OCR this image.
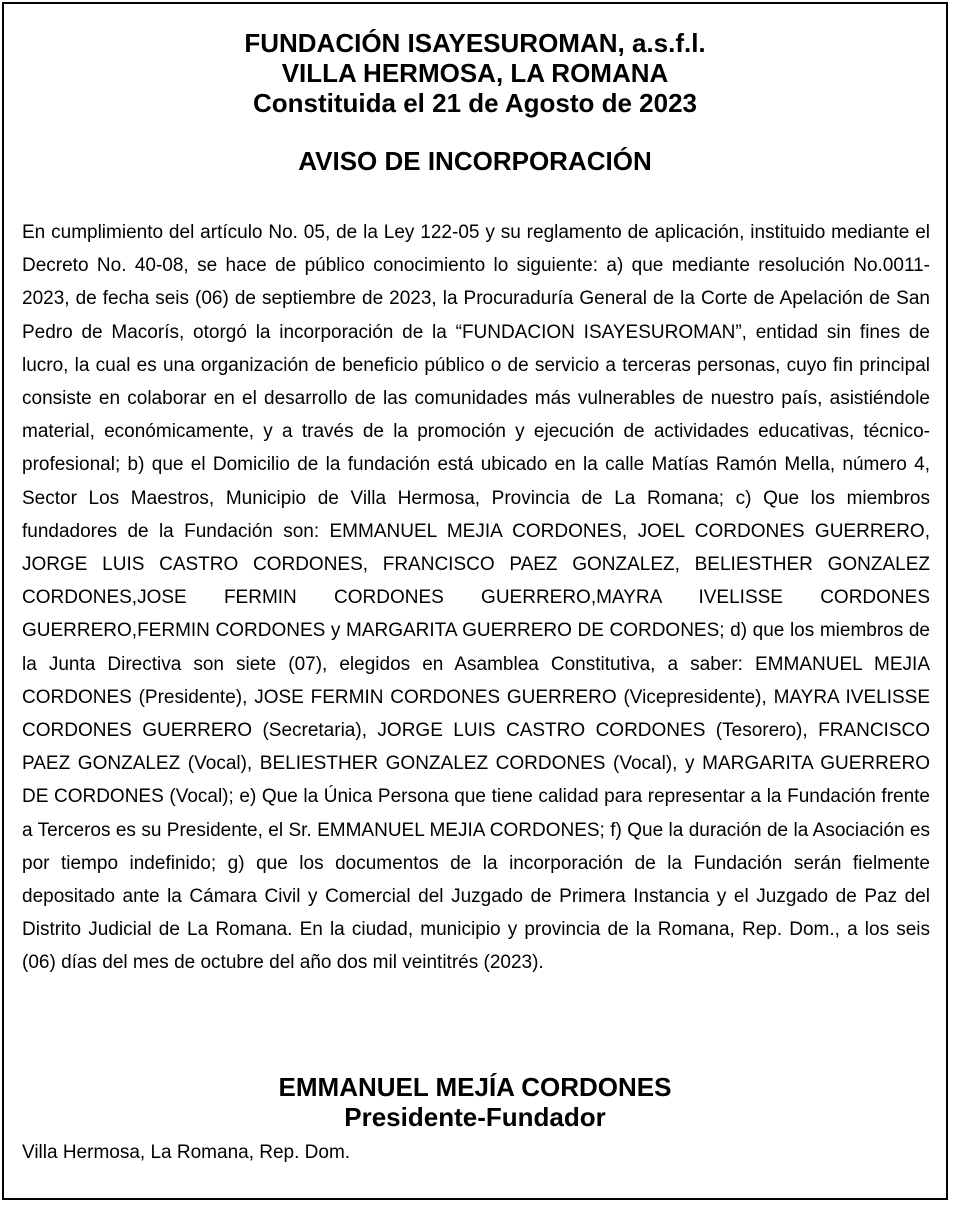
FUNDACIÓN ISAYESUROMAN, a.s.f.l.
VILLA HERMOSA, LA ROMANA
Constituida el 21 de Agosto de 2023
AVISO DE INCORPORACIÓN

En cumplimiento del artículo No. 05, de la Ley 122-05 y su reglamento de aplicación, instituido mediante el Decreto No. 40-08, se hace de público conocimiento lo siguiente: a) que mediante resolución No.0011-2023, de fecha seis (06) de septiembre de 2023, la Procuraduría General de la Corte de Apelación de San Pedro de Macorís, otorgó la incorporación de la “FUNDACION ISAYESUROMAN”, entidad sin fines de lucro, la cual es una organización de beneficio público o de servicio a terceras personas, cuyo fin principal consiste en colaborar en el desarrollo de las comunidades más vulnerables de nuestro país, asistiéndole material, económicamente, y a través de la promoción y ejecución de actividades educativas, técnico-profesional; b) que el Domicilio de la fundación está ubicado en la calle Matías Ramón Mella, número 4, Sector Los Maestros, Municipio de Villa Hermosa, Provincia de La Romana; c) Que los miembros fundadores de la Fundación son: EMMANUEL MEJIA CORDONES, JOEL CORDONES GUERRERO, JORGE LUIS CASTRO CORDONES, FRANCISCO PAEZ GONZALEZ, BELIESTHER GONZALEZ CORDONES,JOSE FERMIN CORDONES GUERRERO,MAYRA IVELISSE CORDONES GUERRERO,FERMIN CORDONES y MARGARITA GUERRERO DE CORDONES; d) que los miembros de la Junta Directiva son siete (07), elegidos en Asamblea Constitutiva, a saber: EMMANUEL MEJIA CORDONES (Presidente), JOSE FERMIN CORDONES GUERRERO (Vicepresidente), MAYRA IVELISSE CORDONES GUERRERO (Secretaria), JORGE LUIS CASTRO CORDONES (Tesorero), FRANCISCO PAEZ GONZALEZ (Vocal), BELIESTHER GONZALEZ CORDONES (Vocal), y MARGARITA GUERRERO DE CORDONES (Vocal); e) Que la Única Persona que tiene calidad para representar a la Fundación frente a Terceros es su Presidente, el Sr. EMMANUEL MEJIA CORDONES; f) Que la duración de la Asociación es por tiempo indefinido; g) que los documentos de la incorporación de la Fundación serán fielmente depositado ante la Cámara Civil y Comercial del Juzgado de Primera Instancia y el Juzgado de Paz del Distrito Judicial de La Romana. En la ciudad, municipio y provincia de la Romana, Rep. Dom., a los seis (06) días del mes de octubre del año dos mil veintitrés (2023).

EMMANUEL MEJÍA CORDONES
Presidente-Fundador
Villa Hermosa, La Romana, Rep. Dom.
